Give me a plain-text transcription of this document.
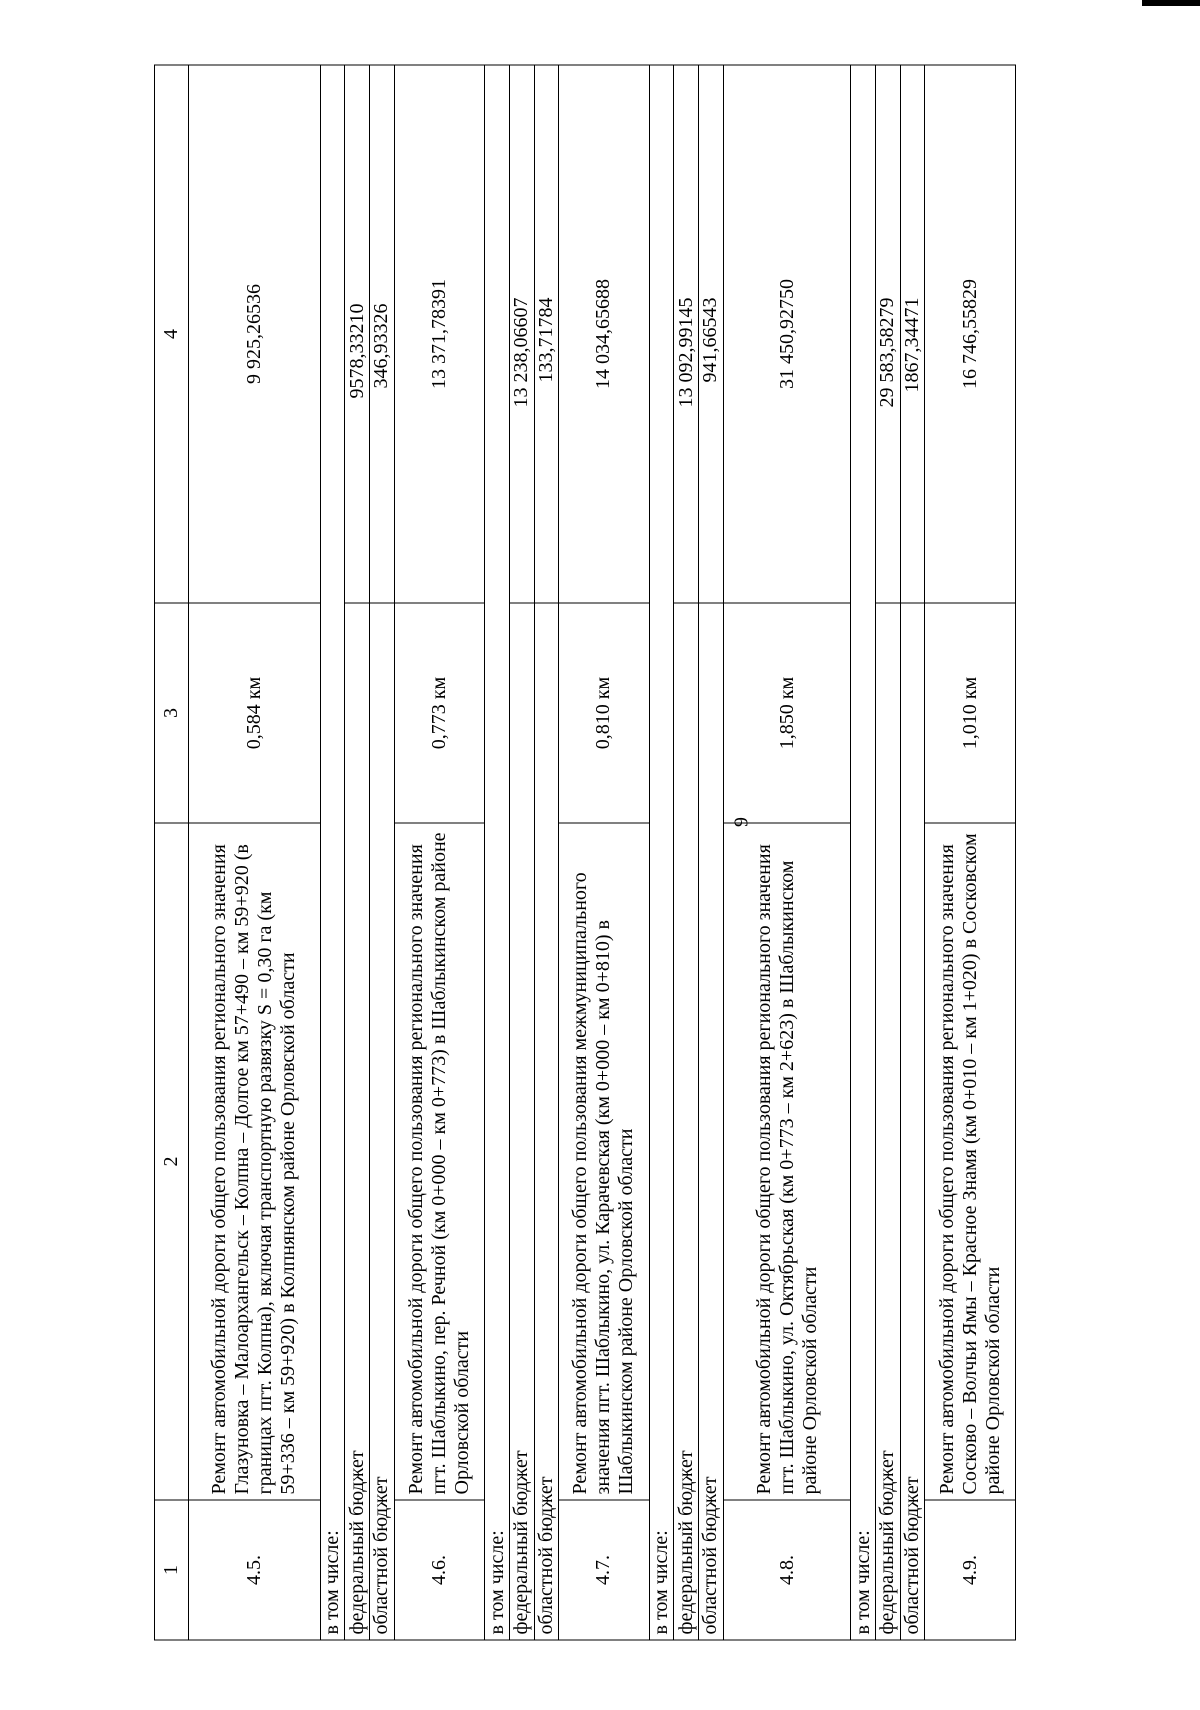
9
1	2	3	4
4.5.	Ремонт автомобильной дороги общего пользования регионального значения Глазуновка – Малоархангельск – Колпна – Долгое км 57+490 – км 59+920 (в границах пгт. Колпна), включая транспортную развязку S = 0,30 га (км 59+336 – км 59+920) в Колпнянском районе Орловской области	0,584 км	9 925,26536
в том числе:			
федеральный бюджет			9578,33210
областной бюджет			346,93326
4.6.	Ремонт автомобильной дороги общего пользования регионального значения пгт. Шаблыкино, пер. Речной (км 0+000 – км 0+773) в Шаблыкинском районе Орловской области	0,773 км	13 371,78391
в том числе:			
федеральный бюджет			13 238,06607
областной бюджет			133,71784
4.7.	Ремонт автомобильной дороги общего пользования межмуниципального значения пгт. Шаблыкино, ул. Карачевская (км 0+000 – км 0+810) в Шаблыкинском районе Орловской области	0,810 км	14 034,65688
в том числе:			
федеральный бюджет			13 092,99145
областной бюджет			941,66543
4.8.	Ремонт автомобильной дороги общего пользования регионального значения пгт. Шаблыкино, ул. Октябрьская (км 0+773 – км 2+623) в Шаблыкинском районе Орловской области	1,850 км	31 450,92750
в том числе:			
федеральный бюджет			29 583,58279
областной бюджет			1867,34471
4.9.	Ремонт автомобильной дороги общего пользования регионального значения Сосково – Волчьи Ямы – Красное Знамя (км 0+010 – км 1+020) в Сосковском районе Орловской области	1,010 км	16 746,55829
